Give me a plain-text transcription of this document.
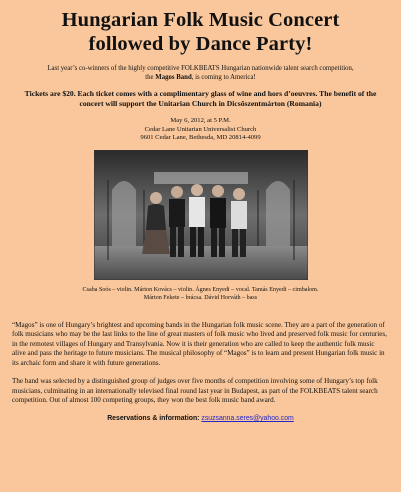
Hungarian Folk Music Concert
followed by Dance Party!

Last year’s co-winners of the highly competitive FOLKBEATS Hungarian nationwide talent search competition,
the Magos Band, is coming to America!

Tickets are $20. Each ticket comes with a complimentary glass of wine and hors d’oeuvres. The benefit of the concert will support the Unitarian Church in Dicsőszentmárton (Romania)

May 6, 2012, at 5 P.M.
Cedar Lane Unitarian Universalist Church
9601 Cedar Lane, Bethesda, MD 20814-4099
Csaba Soós – violin. Márton Kovács – violin. Ágnes Enyedi – vocal. Tamás Enyedi – cimbalom.
Márton Fekete – brácsa. Dávid Horváth – bass

“Magos” is one of Hungary’s brightest and upcoming bands in the Hungarian folk music scene. They are a part of the generation of folk musicians who may be the last links to the line of great masters of folk music who lived and preserved folk music for centuries, in the remotest villages of Hungary and Transylvania. Now it is their generation who are called to keep the authentic folk music alive and pass the heritage to future musicians. The musical philosophy of “Magos” is to learn and present Hungarian folk music in its archaic form and share it with future generations.

The band was selected by a distinguished group of judges over five months of competition involving some of Hungary’s top folk musicians, culminating in an internationally televised final round last year in Budapest, as part of the FOLKBEATS talent search competition. Out of almost 100 competing groups, they won the best folk music band award.

Reservations & information: zsuzsanna.seres@yahoo.com
